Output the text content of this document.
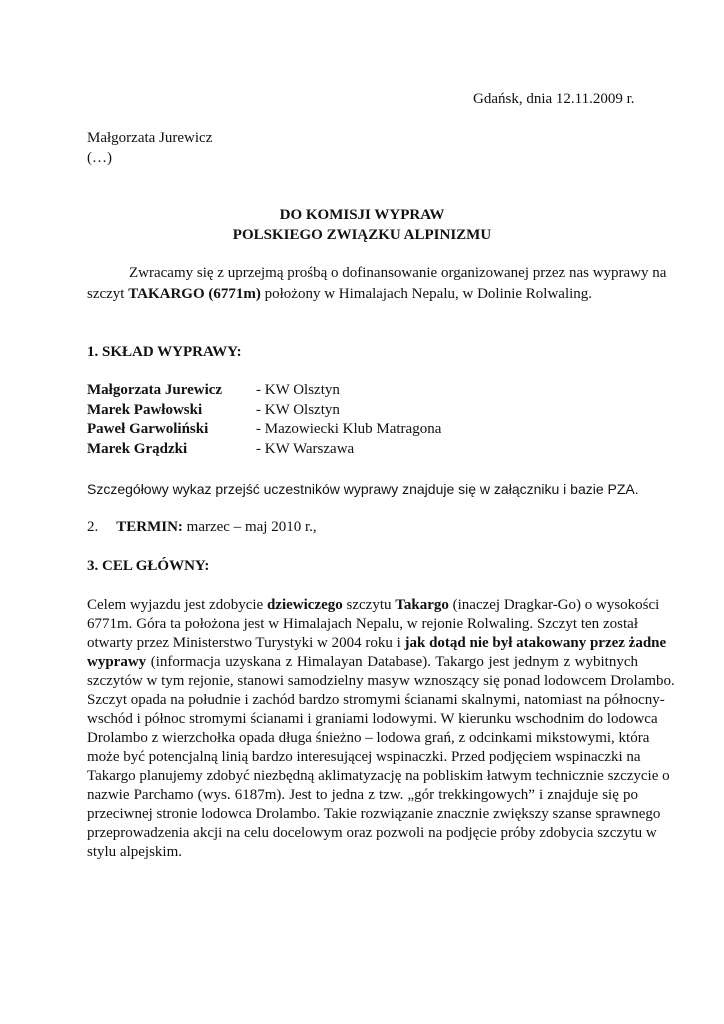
Gdańsk, dnia 12.11.2009 r.
Małgorzata Jurewicz
(…)
DO KOMISJI WYPRAW
POLSKIEGO ZWIĄZKU ALPINIZMU
Zwracamy się z uprzejmą prośbą o dofinansowanie organizowanej przez nas wyprawy na
szczyt TAKARGO (6771m) położony w Himalajach Nepalu, w Dolinie Rolwaling.
1. SKŁAD WYPRAWY:
Małgorzata Jurewicz - KW Olsztyn
Marek Pawłowski	- KW Olsztyn
Paweł Garwoliński	- Mazowiecki Klub Matragona
Marek Grądzki	- KW Warszawa
Szczegółowy wykaz przejść uczestników wyprawy znajduje się w załączniku i bazie PZA.
2. TERMIN: marzec – maj 2010 r.,
3. CEL GŁÓWNY:
Celem wyjazdu jest zdobycie dziewiczego szczytu Takargo (inaczej Dragkar-Go) o wysokości
6771m. Góra ta położona jest w Himalajach Nepalu, w rejonie Rolwaling. Szczyt ten został
otwarty przez Ministerstwo Turystyki w 2004 roku i jak dotąd nie był atakowany przez żadne
wyprawy (informacja uzyskana z Himalayan Database). Takargo jest jednym z wybitnych
szczytów w tym rejonie, stanowi samodzielny masyw wznoszący się ponad lodowcem Drolambo.
Szczyt opada na południe i zachód bardzo stromymi ścianami skalnymi, natomiast na północny-
wschód i północ stromymi ścianami i graniami lodowymi. W kierunku wschodnim do lodowca
Drolambo z wierzchołka opada długa śnieżno – lodowa grań, z odcinkami mikstowymi, która
może być potencjalną linią bardzo interesującej wspinaczki. Przed podjęciem wspinaczki na
Takargo planujemy zdobyć niezbędną aklimatyzację na pobliskim łatwym technicznie szczycie o
nazwie Parchamo (wys. 6187m). Jest to jedna z tzw. „gór trekkingowych” i znajduje się po
przeciwnej stronie lodowca Drolambo. Takie rozwiązanie znacznie zwiększy szanse sprawnego
przeprowadzenia akcji na celu docelowym oraz pozwoli na podjęcie próby zdobycia szczytu w
stylu alpejskim.
